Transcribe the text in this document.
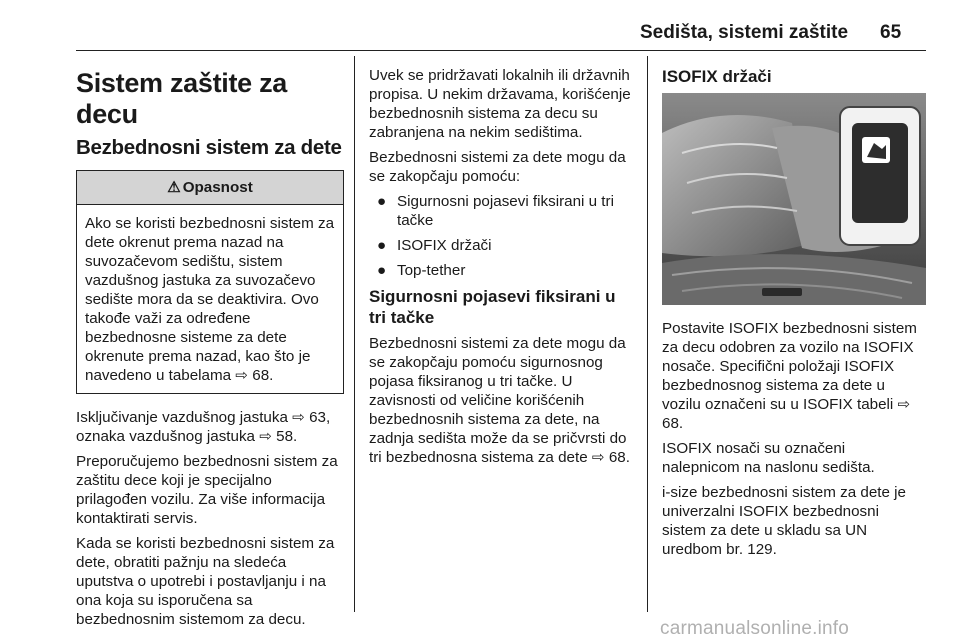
Sedišta, sistemi zaštite 65
Sistem zaštite za decu
Bezbednosni sistem za dete
⚠ Opasnost
Ako se koristi bezbednosni sistem za dete okrenut prema nazad na suvozačevom sedištu, sistem vazdušnog jastuka za suvozačevo sedište mora da se deaktivira. Ovo takođe važi za određene bezbednosne sisteme za dete okrenute prema nazad, kao što je navedeno u tabelama ⇨ 68.

Isključivanje vazdušnog jastuka ⇨ 63, oznaka vazdušnog jastuka ⇨ 58.

Preporučujemo bezbednosni sistem za zaštitu dece koji je specijalno prilagođen vozilu. Za više informacija kontaktirati servis.

Kada se koristi bezbednosni sistem za dete, obratiti pažnju na sledeća uputstva o upotrebi i postavljanju i na ona koja su isporučena sa bezbednosnim sistemom za decu.

Uvek se pridržavati lokalnih ili državnih propisa. U nekim državama, korišćenje bezbednosnih sistema za decu su zabranjena na nekim sedištima.

Bezbednosni sistemi za dete mogu da se zakopčaju pomoću:

● Sigurnosni pojasevi fiksirani u tri tačke
● ISOFIX držači
● Top-tether
Sigurnosni pojasevi fiksirani u tri tačke

Bezbednosni sistemi za dete mogu da se zakopčaju pomoću sigurnosnog pojasa fiksiranog u tri tačke. U zavisnosti od veličine korišćenih bezbednosnih sistema za dete, na zadnja sedišta može da se pričvrsti do tri bezbednosna sistema za dete ⇨ 68.

ISOFIX držači

Postavite ISOFIX bezbednosni sistem za decu odobren za vozilo na ISOFIX nosače. Specifični položaji ISOFIX bezbednosnog sistema za dete u vozilu označeni su u ISOFIX tabeli ⇨ 68.

ISOFIX nosači su označeni nalepnicom na naslonu sedišta.

i-size bezbednosni sistem za dete je univerzalni ISOFIX bezbednosni sistem za dete u skladu sa UN uredbom br. 129.

carmanualsonline.info
